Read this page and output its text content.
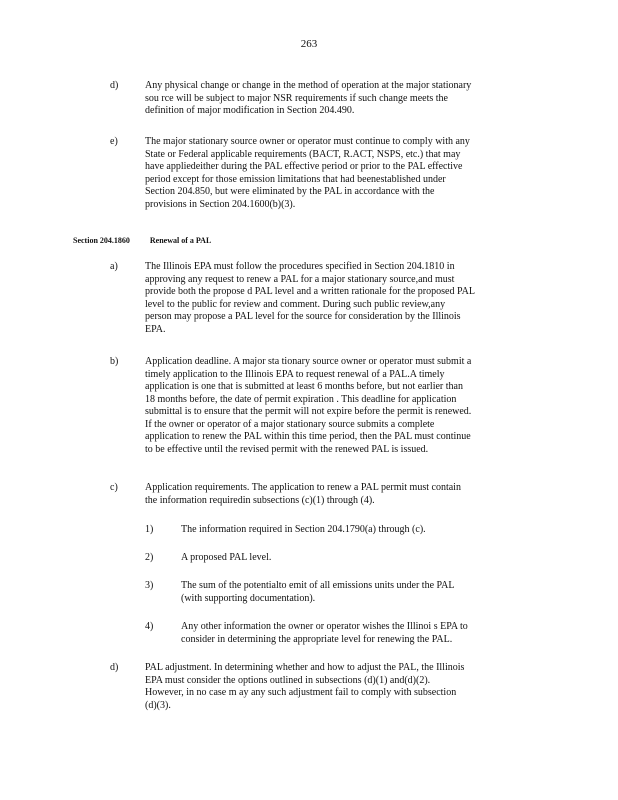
263
d)	Any physical change or change in the method of operation at the major stationary
sou rce will be subject to major NSR requirements if such change meets the
definition of major modification in Section 204.490.
e)	The major stationary source owner or operator must continue to comply with any
State or Federal applicable requirements (BACT, R.ACT, NSPS, etc.) that may
have appliedeither during the PAL effective period or prior to the PAL effective
period except for those emission limitations that had beenestablished under
Section 204.850, but were eliminated by the PAL in accordance with the
provisions in Section 204.1600(b)(3).
Section 204.1860	Renewal of a PAL
a)	The Illinois EPA must follow the procedures specified in Section 204.1810 in
approving any request to renew a PAL for a major stationary source,and must
provide both the propose d PAL level and a written rationale for the proposed PAL
level to the public for review and comment. During such public review,any
person may propose a PAL level for the source for consideration by the Illinois
EPA.
b)	Application deadline. A major sta tionary source owner or operator must submit a
timely application to the Illinois EPA to request renewal of a PAL.A timely
application is one that is submitted at least 6 months before, but not earlier than
18 months before, the date of permit expiration . This deadline for application
submittal is to ensure that the permit will not expire before the permit is renewed.
If the owner or operator of a major stationary source submits a complete
application to renew the PAL within this time period, then the PAL must continue
to be effective until the revised permit with the renewed PAL is issued.
c)	Application requirements. The application to renew a PAL permit must contain
the information requiredin subsections (c)(1) through (4).
1)	The information required in Section 204.1790(a) through (c).
2)	A proposed PAL level.
3)	The sum of the potentialto emit of all emissions units under the PAL
(with supporting documentation).
4)	Any other information the owner or operator wishes the Illinoi s EPA to
consider in determining the appropriate level for renewing the PAL.
d)	PAL adjustment. In determining whether and how to adjust the PAL, the Illinois
EPA must consider the options outlined in subsections (d)(1) and(d)(2).
However, in no case m ay any such adjustment fail to comply with subsection
(d)(3).
